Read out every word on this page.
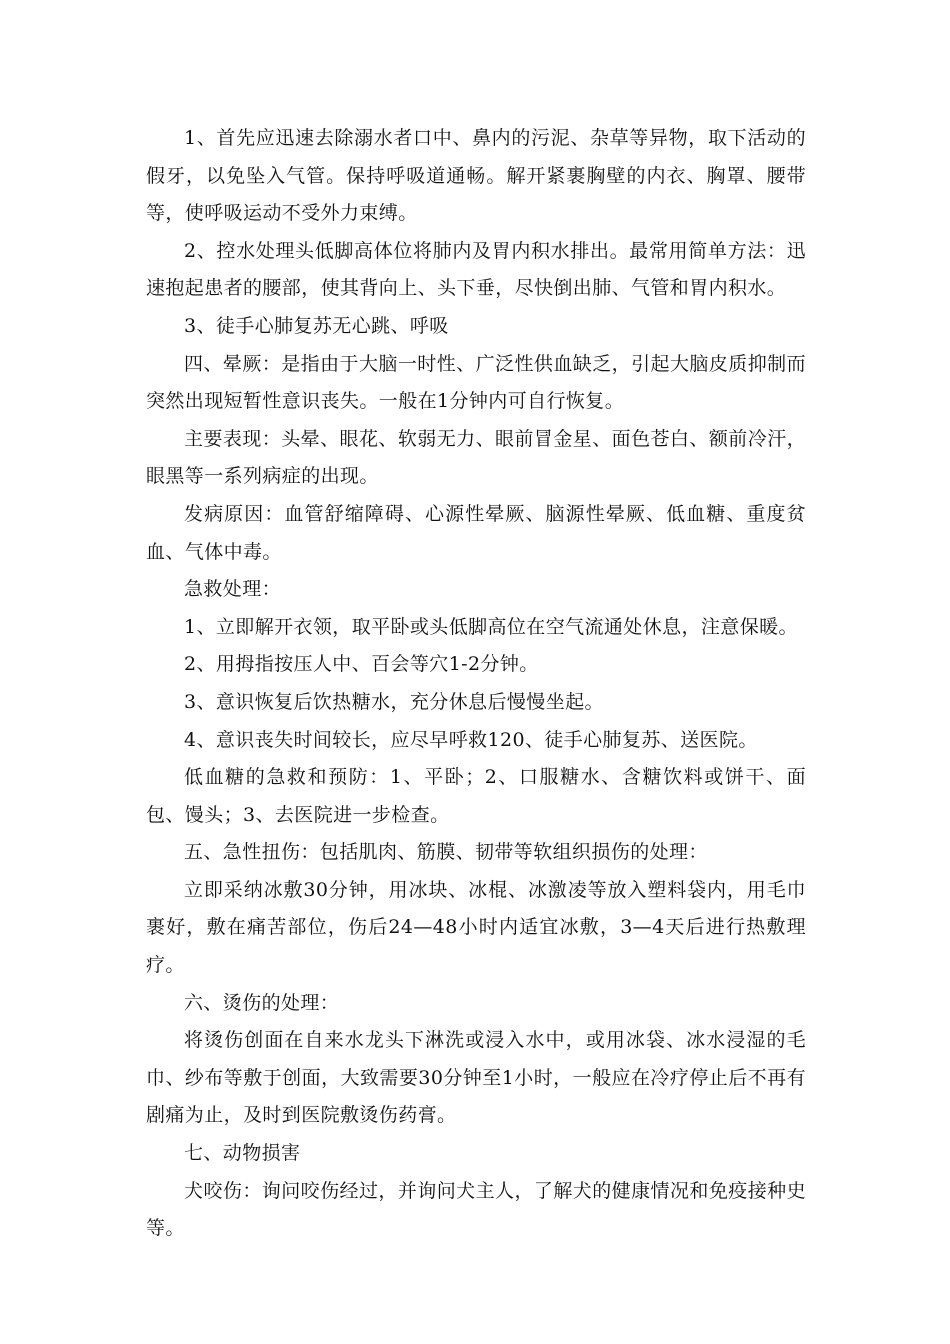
1、首先应迅速去除溺水者口中、鼻内的污泥、杂草等异物，取下活动的假牙，以免坠入气管。保持呼吸道通畅。解开紧裹胸壁的内衣、胸罩、腰带等，使呼吸运动不受外力束缚。

2、控水处理头低脚高体位将肺内及胃内积水排出。最常用简单方法：迅速抱起患者的腰部，使其背向上、头下垂，尽快倒出肺、气管和胃内积水。

3、徒手心肺复苏无心跳、呼吸

四、晕厥：是指由于大脑一时性、广泛性供血缺乏，引起大脑皮质抑制而突然出现短暂性意识丧失。一般在1分钟内可自行恢复。

主要表现：头晕、眼花、软弱无力、眼前冒金星、面色苍白、额前冷汗，眼黑等一系列病症的出现。

发病原因：血管舒缩障碍、心源性晕厥、脑源性晕厥、低血糖、重度贫血、气体中毒。

急救处理：

1、立即解开衣领，取平卧或头低脚高位在空气流通处休息，注意保暖。

2、用拇指按压人中、百会等穴1-2分钟。

3、意识恢复后饮热糖水，充分休息后慢慢坐起。

4、意识丧失时间较长，应尽早呼救120、徒手心肺复苏、送医院。

低血糖的急救和预防：1、平卧；2、口服糖水、含糖饮料或饼干、面包、馒头；3、去医院进一步检查。

五、急性扭伤：包括肌肉、筋膜、韧带等软组织损伤的处理：

立即采纳冰敷30分钟，用冰块、冰棍、冰激凌等放入塑料袋内，用毛巾裹好，敷在痛苦部位，伤后24—48小时内适宜冰敷，3—4天后进行热敷理疗。

六、烫伤的处理：

将烫伤创面在自来水龙头下淋洗或浸入水中，或用冰袋、冰水浸湿的毛巾、纱布等敷于创面，大致需要30分钟至1小时，一般应在冷疗停止后不再有剧痛为止，及时到医院敷烫伤药膏。

七、动物损害

犬咬伤：询问咬伤经过，并询问犬主人，了解犬的健康情况和免疫接种史等。
